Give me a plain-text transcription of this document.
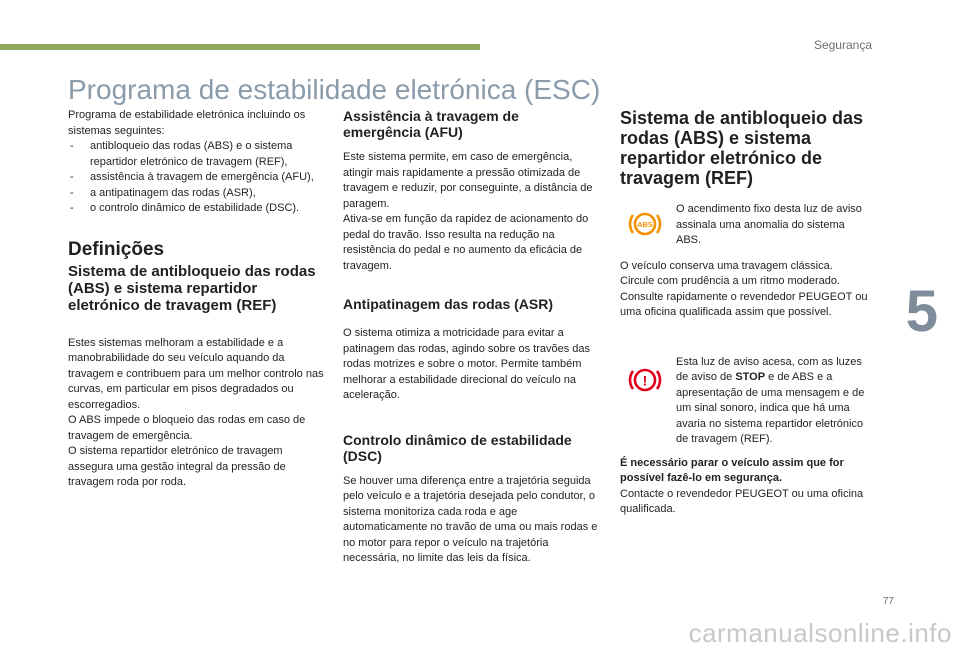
Segurança
5
Programa de estabilidade eletrónica (ESC)

Programa de estabilidade eletrónica incluindo os sistemas seguintes:

- antibloqueio das rodas (ABS) e o sistema repartidor eletrónico de travagem (REF),
- assistência à travagem de emergência (AFU),
- a antipatinagem das rodas (ASR),
- o controlo dinâmico de estabilidade (DSC).
Definições
Sistema de antibloqueio das rodas (ABS) e sistema repartidor eletrónico de travagem (REF)

Estes sistemas melhoram a estabilidade e a manobrabilidade do seu veículo aquando da travagem e contribuem para um melhor controlo nas curvas, em particular em pisos degradados ou escorregadios.

O ABS impede o bloqueio das rodas em caso de travagem de emergência.

O sistema repartidor eletrónico de travagem assegura uma gestão integral da pressão de travagem roda por roda.

Assistência à travagem de emergência (AFU)

Este sistema permite, em caso de emergência, atingir mais rapidamente a pressão otimizada de travagem e reduzir, por conseguinte, a distância de paragem.

Ativa-se em função da rapidez de acionamento do pedal do travão. Isso resulta na redução na resistência do pedal e no aumento da eficácia de travagem.

Antipatinagem das rodas (ASR)

O sistema otimiza a motricidade para evitar a patinagem das rodas, agindo sobre os travões das rodas motrizes e sobre o motor. Permite também melhorar a estabilidade direcional do veículo na aceleração.

Controlo dinâmico de estabilidade (DSC)

Se houver uma diferença entre a trajetória seguida pelo veículo e a trajetória desejada pelo condutor, o sistema monitoriza cada roda e age automaticamente no travão de uma ou mais rodas e no motor para repor o veículo na trajetória necessária, no limite das leis da física.

Sistema de antibloqueio das rodas (ABS) e sistema repartidor eletrónico de travagem (REF)
ABS

O acendimento fixo desta luz de aviso assinala uma anomalia do sistema ABS.

O veículo conserva uma travagem clássica. Circule com prudência a um ritmo moderado. Consulte rapidamente o revendedor PEUGEOT ou uma oficina qualificada assim que possível.

!

Esta luz de aviso acesa, com as luzes de aviso de STOP e de ABS e a apresentação de uma mensagem e de um sinal sonoro, indica que há uma avaria no sistema repartidor eletrónico de travagem (REF).

É necessário parar o veículo assim que for possível fazê-lo em segurança.

Contacte o revendedor PEUGEOT ou uma oficina qualificada.

77
carmanualsonline.info
